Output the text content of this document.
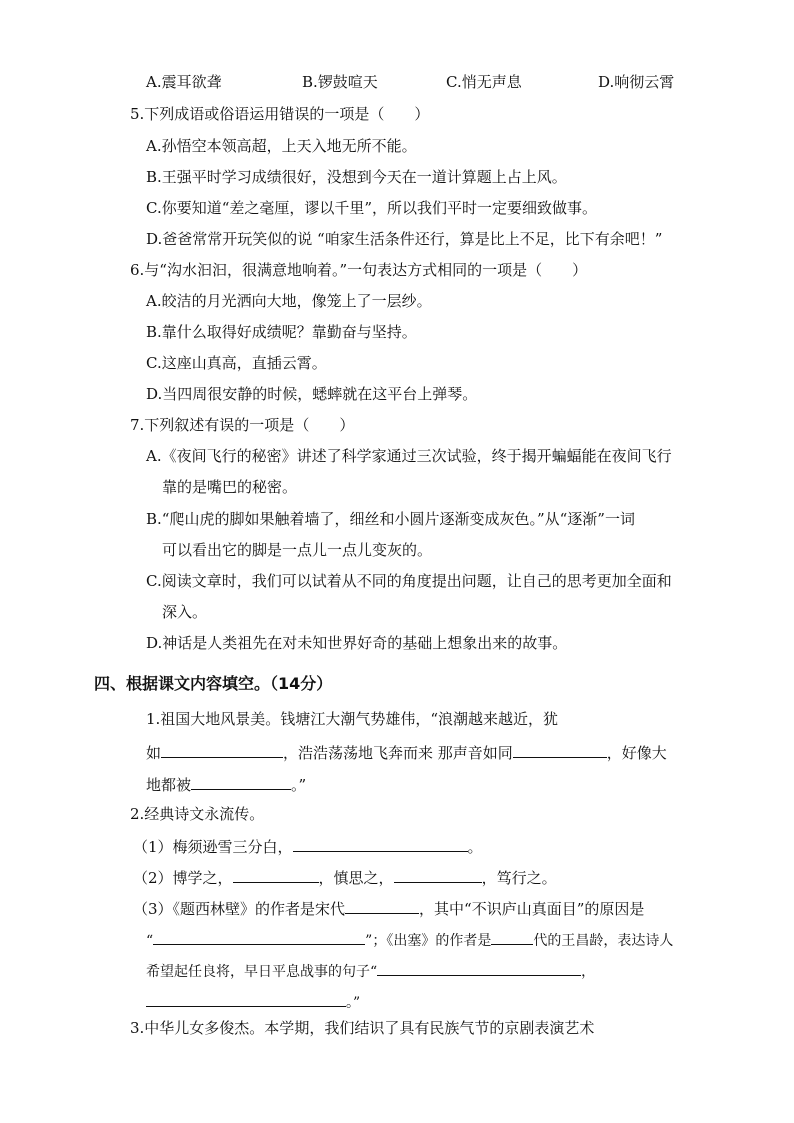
A.震耳欲聋	B.锣鼓喧天	C.悄无声息	D.响彻云霄
5.下列成语或俗语运用错误的一项是（ ）
A.孙悟空本领高超，上天入地无所不能。
B.王强平时学习成绩很好，没想到今天在一道计算题上占上风。
C.你要知道“差之毫厘，谬以千里”，所以我们平时一定要细致做事。
D.爸爸常常开玩笑似的说 “咱家生活条件还行，算是比上不足，比下有余吧！”
6.与“沟水汩汩，很满意地响着。”一句表达方式相同的一项是（ ）
A.皎洁的月光洒向大地，像笼上了一层纱。
B.靠什么取得好成绩呢？靠勤奋与坚持。
C.这座山真高，直插云霄。
D.当四周很安静的时候，蟋蟀就在这平台上弹琴。
7.下列叙述有误的一项是（ ）
A.《夜间飞行的秘密》讲述了科学家通过三次试验，终于揭开蝙蝠能在夜间飞行
靠的是嘴巴的秘密。
B.“爬山虎的脚如果触着墙了，细丝和小圆片逐渐变成灰色。”从“逐渐”一词
可以看出它的脚是一点儿一点儿变灰的。
C.阅读文章时，我们可以试着从不同的角度提出问题，让自己的思考更加全面和
深入。
D.神话是人类祖先在对未知世界好奇的基础上想象出来的故事。
四、根据课文内容填空。（14分）
1.祖国大地风景美。钱塘江大潮气势雄伟，“浪潮越来越近，犹
如	，浩浩荡荡地飞奔而来 那声音如同	，好像大
地都被	。”
2.经典诗文永流传。
（1）梅须逊雪三分白，	。
（2）博学之，	，慎思之，	，笃行之。
（3）《题西林壁》的作者是宋代	，其中“不识庐山真面目”的原因是
“	”；《出塞》的作者是	代的王昌龄，表达诗人
希望起任良将，早日平息战事的句子“	，
。”
3.中华儿女多俊杰。本学期，我们结识了具有民族气节的京剧表演艺术
